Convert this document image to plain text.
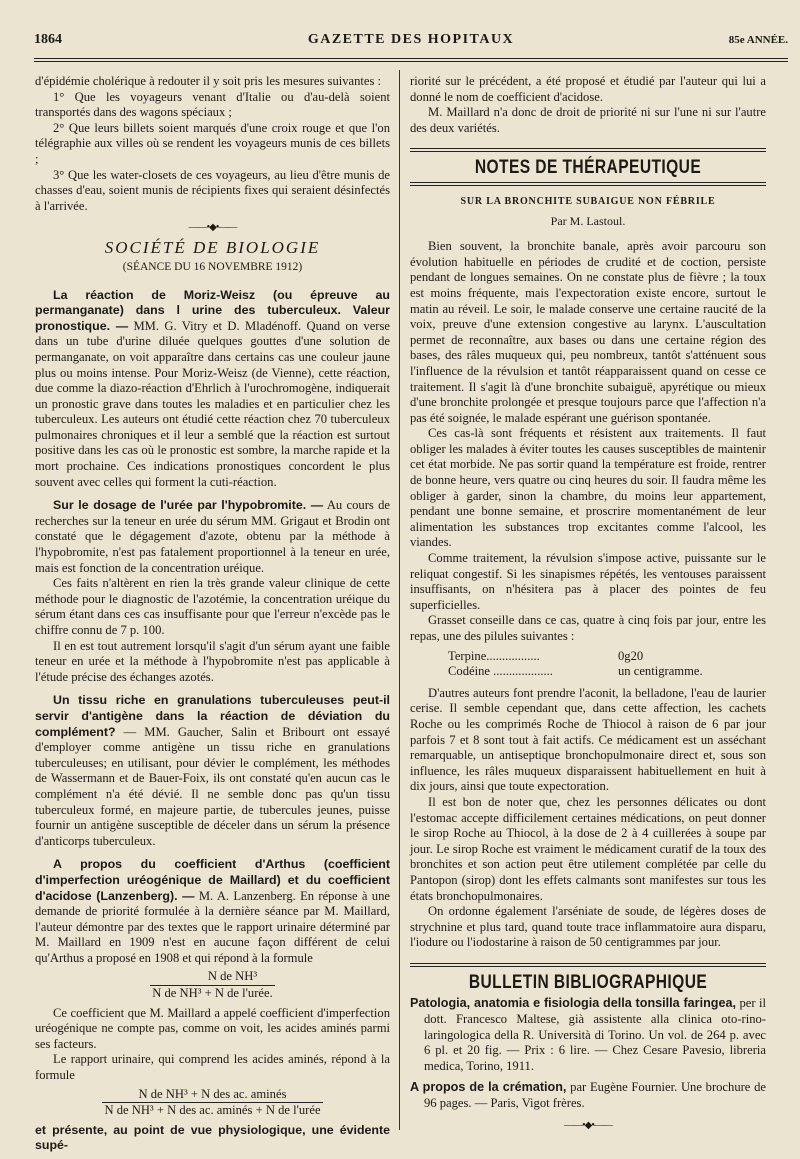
1864	GAZETTE DES HOPITAUX	85e ANNÉE.

d'épidémie cholérique à redouter il y soit pris les mesures suivantes :

1° Que les voyageurs venant d'Italie ou d'au-delà soient transportés dans des wagons spéciaux ;

2° Que leurs billets soient marqués d'une croix rouge et que l'on télégraphie aux villes où se rendent les voyageurs munis de ces billets ;

3° Que les water-closets de ces voyageurs, au lieu d'être munis de chasses d'eau, soient munis de récipients fixes qui seraient désinfectés à l'arrivée.

——•◆•——
SOCIÉTÉ DE BIOLOGIE
(SÉANCE DU 16 NOVEMBRE 1912)

La réaction de Moriz-Weisz (ou épreuve au permanganate) dans l urine des tuberculeux. Valeur pronostique. — MM. G. Vitry et D. Mladénoff. Quand on verse dans un tube d'urine diluée quelques gouttes d'une solution de permanganate, on voit apparaître dans certains cas une couleur jaune plus ou moins intense. Pour Moriz-Weisz (de Vienne), cette réaction, due comme la diazo-réaction d'Ehrlich à l'urochromogène, indiquerait un pronostic grave dans toutes les maladies et en particulier chez les tuberculeux. Les auteurs ont étudié cette réaction chez 70 tuberculeux pulmonaires chroniques et il leur a semblé que la réaction est surtout positive dans les cas où le pronostic est sombre, la marche rapide et la mort prochaine. Ces indications pronostiques concordent le plus souvent avec celles qui forment la cuti-réaction.

Sur le dosage de l'urée par l'hypobromite. — Au cours de recherches sur la teneur en urée du sérum MM. Grigaut et Brodin ont constaté que le dégagement d'azote, obtenu par la méthode à l'hypobromite, n'est pas fatalement proportionnel à la teneur en urée, mais est fonction de la concentration uréique.

Ces faits n'altèrent en rien la très grande valeur clinique de cette méthode pour le diagnostic de l'azotémie, la concentration uréique du sérum étant dans ces cas insuffisante pour que l'erreur n'excède pas le chiffre connu de 7 p. 100.

Il en est tout autrement lorsqu'il s'agit d'un sérum ayant une faible teneur en urée et la méthode à l'hypobromite n'est pas applicable à l'étude précise des échanges azotés.

Un tissu riche en granulations tuberculeuses peut-il servir d'antigène dans la réaction de déviation du complément? — MM. Gaucher, Salin et Bribourt ont essayé d'employer comme antigène un tissu riche en granulations tuberculeuses; en utilisant, pour dévier le complément, les méthodes de Wassermann et de Bauer-Foix, ils ont constaté qu'en aucun cas le complément n'a été dévié. Il ne semble donc pas qu'un tissu tuberculeux formé, en majeure partie, de tubercules jeunes, puisse fournir un antigène susceptible de déceler dans un sérum la présence d'anticorps tuberculeux.

A propos du coefficient d'Arthus (coefficient d'imperfection uréogénique de Maillard) et du coefficient d'acidose (Lanzenberg). — M. A. Lanzenberg. En réponse à une demande de priorité formulée à la dernière séance par M. Maillard, l'auteur démontre par des textes que le rapport urinaire déterminé par M. Maillard en 1909 n'est en aucune façon différent de celui qu'Arthus a proposé en 1908 et qui répond à la formule

N de NH³
N de NH³ + N de l'urée.

Ce coefficient que M. Maillard a appelé coefficient d'imperfection uréogénique ne compte pas, comme on voit, les acides aminés parmi ses facteurs.

Le rapport urinaire, qui comprend les acides aminés, répond à la formule

N de NH³ + N des ac. aminés
N de NH³ + N des ac. aminés + N de l'urée

et présente, au point de vue physiologique, une évidente supé-

riorité sur le précédent, a été proposé et étudié par l'auteur qui lui a donné le nom de coefficient d'acidose.

M. Maillard n'a donc de droit de priorité ni sur l'une ni sur l'autre des deux variétés.

NOTES DE THÉRAPEUTIQUE
SUR LA BRONCHITE SUBAIGUE NON FÉBRILE
Par M. Lastoul.

Bien souvent, la bronchite banale, après avoir parcouru son évolution habituelle en périodes de crudité et de coction, persiste pendant de longues semaines. On ne constate plus de fièvre ; la toux est moins fréquente, mais l'expectoration existe encore, surtout le matin au réveil. Le soir, le malade conserve une certaine raucité de la voix, preuve d'une extension congestive au larynx. L'auscultation permet de reconnaître, aux bases ou dans une certaine région des bases, des râles muqueux qui, peu nombreux, tantôt s'atténuent sous l'influence de la révulsion et tantôt réapparaissent quand on cesse ce traitement. Il s'agit là d'une bronchite subaiguë, apyrétique ou mieux d'une bronchite prolongée et presque toujours parce que l'affection n'a pas été soignée, le malade espérant une guérison spontanée.

Ces cas-là sont fréquents et résistent aux traitements. Il faut obliger les malades à éviter toutes les causes susceptibles de maintenir cet état morbide. Ne pas sortir quand la température est froide, rentrer de bonne heure, vers quatre ou cinq heures du soir. Il faudra même les obliger à garder, sinon la chambre, du moins leur appartement, pendant une bonne semaine, et proscrire momentanément de leur alimentation les substances trop excitantes comme l'alcool, les viandes.

Comme traitement, la révulsion s'impose active, puissante sur le reliquat congestif. Si les sinapismes répétés, les ventouses paraissent insuffisants, on n'hésitera pas à placer des pointes de feu superficielles.

Grasset conseille dans ce cas, quatre à cinq fois par jour, entre les repas, une des pilules suivantes :

Terpine.................	0g20
Codéine ...................	un centigramme.

D'autres auteurs font prendre l'aconit, la belladone, l'eau de laurier cerise. Il semble cependant que, dans cette affection, les cachets Roche ou les comprimés Roche de Thiocol à raison de 6 par jour parfois 7 et 8 sont tout à fait actifs. Ce médicament est un asséchant remarquable, un antiseptique bronchopulmonaire direct et, sous son influence, les râles muqueux disparaissent habituellement en huit à dix jours, ainsi que toute expectoration.

Il est bon de noter que, chez les personnes délicates ou dont l'estomac accepte difficilement certaines médications, on peut donner le sirop Roche au Thiocol, à la dose de 2 à 4 cuillerées à soupe par jour. Le sirop Roche est vraiment le médicament curatif de la toux des bronchites et son action peut être utilement complétée par celle du Pantopon (sirop) dont les effets calmants sont manifestes sur tous les états bronchopulmonaires.

On ordonne également l'arséniate de soude, de légères doses de strychnine et plus tard, quand toute trace inflammatoire aura disparu, l'iodure ou l'iodostarine à raison de 50 centigrammes par jour.

BULLETIN BIBLIOGRAPHIQUE

Patologia, anatomia e fisiologia della tonsilla faringea, per il dott. Francesco Maltese, già assistente alla clinica oto-rino-laringologica della R. Università di Torino. Un vol. de 264 p. avec 6 pl. et 20 fig. — Prix : 6 lire. — Chez Cesare Pavesio, libreria medica, Torino, 1911.

A propos de la crémation, par Eugène Fournier. Une brochure de 96 pages. — Paris, Vigot frères.

——•◆•——
